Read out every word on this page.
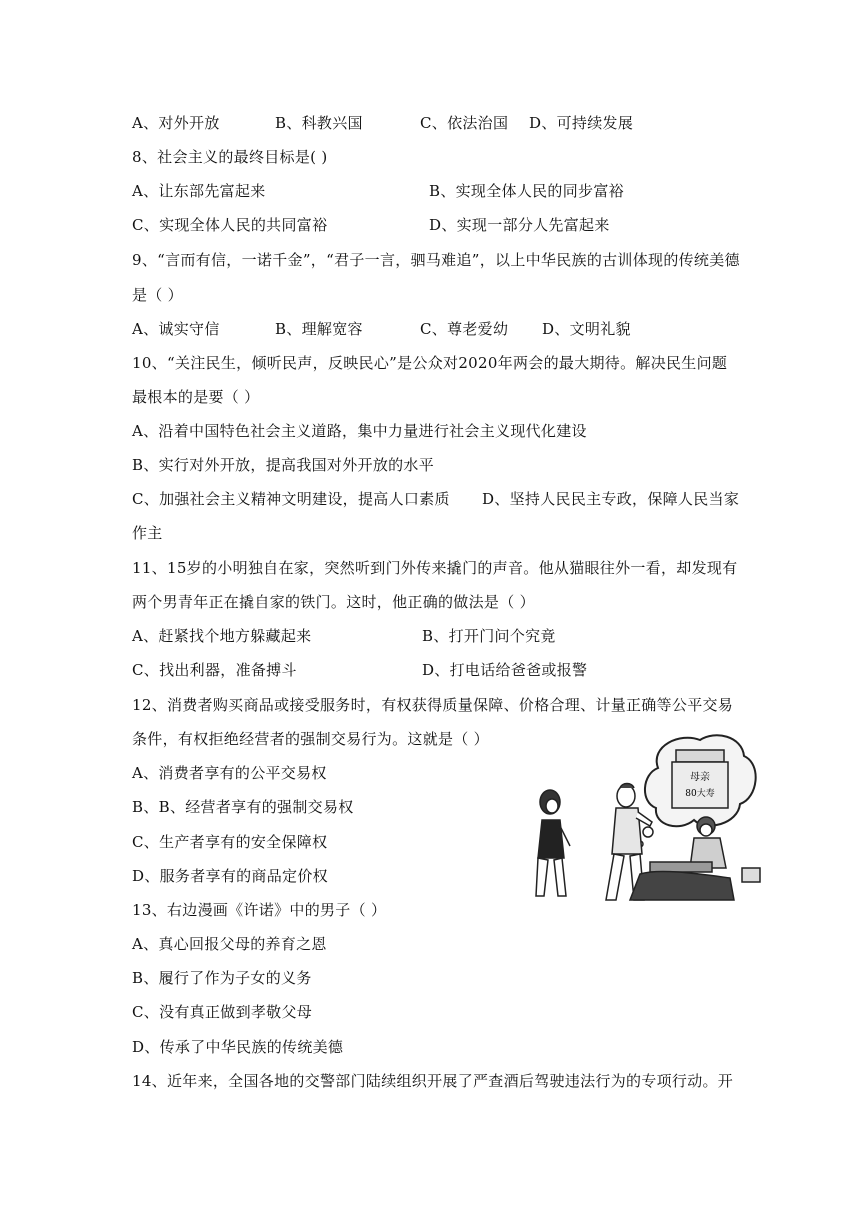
A、对外开放	B、科教兴国	C、依法治国 D、可持续发展
8、社会主义的最终目标是( )
A、让东部先富起来	B、实现全体人民的同步富裕
C、实现全体人民的共同富裕	D、实现一部分人先富起来
9、“言而有信，一诺千金”，“君子一言，驷马难追”，以上中华民族的古训体现的传统美德
是（ ）
A、诚实守信	B、理解宽容	C、尊老爱幼 D、文明礼貌
10、“关注民生，倾听民声，反映民心”是公众对2020年两会的最大期待。解决民生问题
最根本的是要（ ）
A、沿着中国特色社会主义道路，集中力量进行社会主义现代化建设
B、实行对外开放，提高我国对外开放的水平
C、加强社会主义精神文明建设，提高人口素质 D、坚持人民民主专政，保障人民当家
作主
11、15岁的小明独自在家，突然听到门外传来撬门的声音。他从猫眼往外一看，却发现有
两个男青年正在撬自家的铁门。这时，他正确的做法是（ ）
A、赶紧找个地方躲藏起来	B、打开门问个究竟
C、找出利器，准备搏斗	D、打电话给爸爸或报警
12、消费者购买商品或接受服务时，有权获得质量保障、价格合理、计量正确等公平交易
条件，有权拒绝经营者的强制交易行为。这就是（ ）
A、消费者享有的公平交易权
B、B、经营者享有的强制交易权
C、生产者享有的安全保障权
D、服务者享有的商品定价权
母亲
80大寿
13、右边漫画《许诺》中的男子（ ）
A、真心回报父母的养育之恩
B、履行了作为子女的义务
C、没有真正做到孝敬父母
D、传承了中华民族的传统美德
14、近年来，全国各地的交警部门陆续组织开展了严查酒后驾驶违法行为的专项行动。开
